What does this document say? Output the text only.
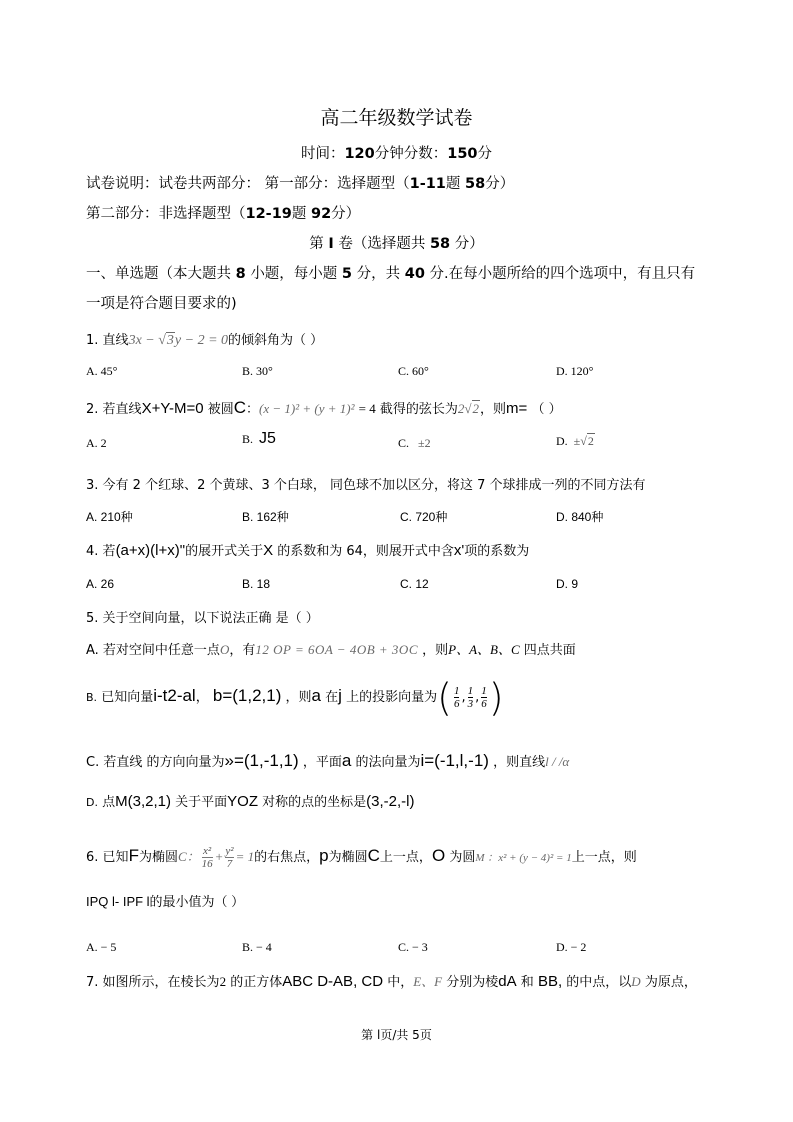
高二年级数学试卷
时间：120分钟分数：150分
试卷说明：试卷共两部分： 第一部分：选择题型（1-11题 58分）
第二部分：非选择题型（12-19题 92分）
第 I 卷（选择题共 58 分）
一、单选题（本大题共 8 小题，每小题 5 分，共 40 分.在每小题所给的四个选项中，有且只有
一项是符合题目要求的)
1. 直线3x − √3y − 2 = 0的倾斜角为（ ）
A. 45°	B. 30°	C. 60°	D. 120°
2. 若直线X+Y-M=0 被圆C：(x − 1)² + (y + 1)² = 4 截得的弦长为2√2，则m= （ ）
A. 2	B. J5	C. ±2	D. ±√2
3. 今有 2 个红球、2 个黄球、3 个白球， 同色球不加以区分，将这 7 个球排成一列的不同方法有
A. 210种	B. 162种	C. 720种	D. 840种
4. 若(a+x)(l+x)"的展开式关于X 的系数和为 64，则展开式中含x'项的系数为
A. 26	B. 18	C. 12	D. 9
5. 关于空间向量，以下说法正确 是（ ）
A. 若对空间中任意一点O，有12 OP = 6OA − 4OB + 3OC ，则P、A、B、C 四点共面
B. 已知向量i-t2-al， b=(1,2,1) ，则a 在j 上的投影向量为( $\frac{1}{6}$ , $\frac{1}{3}$ , $\frac{1}{6}$ )
C. 若直线 的方向向量为»=(1,-1,1) ，平面a 的法向量为i=(-1,l,-1) ，则直线l / /α
D. 点M(3,2,1) 关于平面YOZ 对称的点的坐标是(3,-2,-l)
6. 已知F为椭圆C： $\frac{\text{x²}}{16} + \frac{\text{y²}}{7} = 1$的右焦点，p为椭圆C上一点，O 为圆M ：x² + (y − 4)² = 1上一点，则
IPQ l- IPF l的最小值为（ ）
A. − 5	B. − 4	C. − 3	D. − 2
7. 如图所示，在棱长为2 的正方体ABC D-AB, CD 中，E、F 分别为棱dA 和 BB, 的中点，以D 为原点，
第 l页/共 5页
